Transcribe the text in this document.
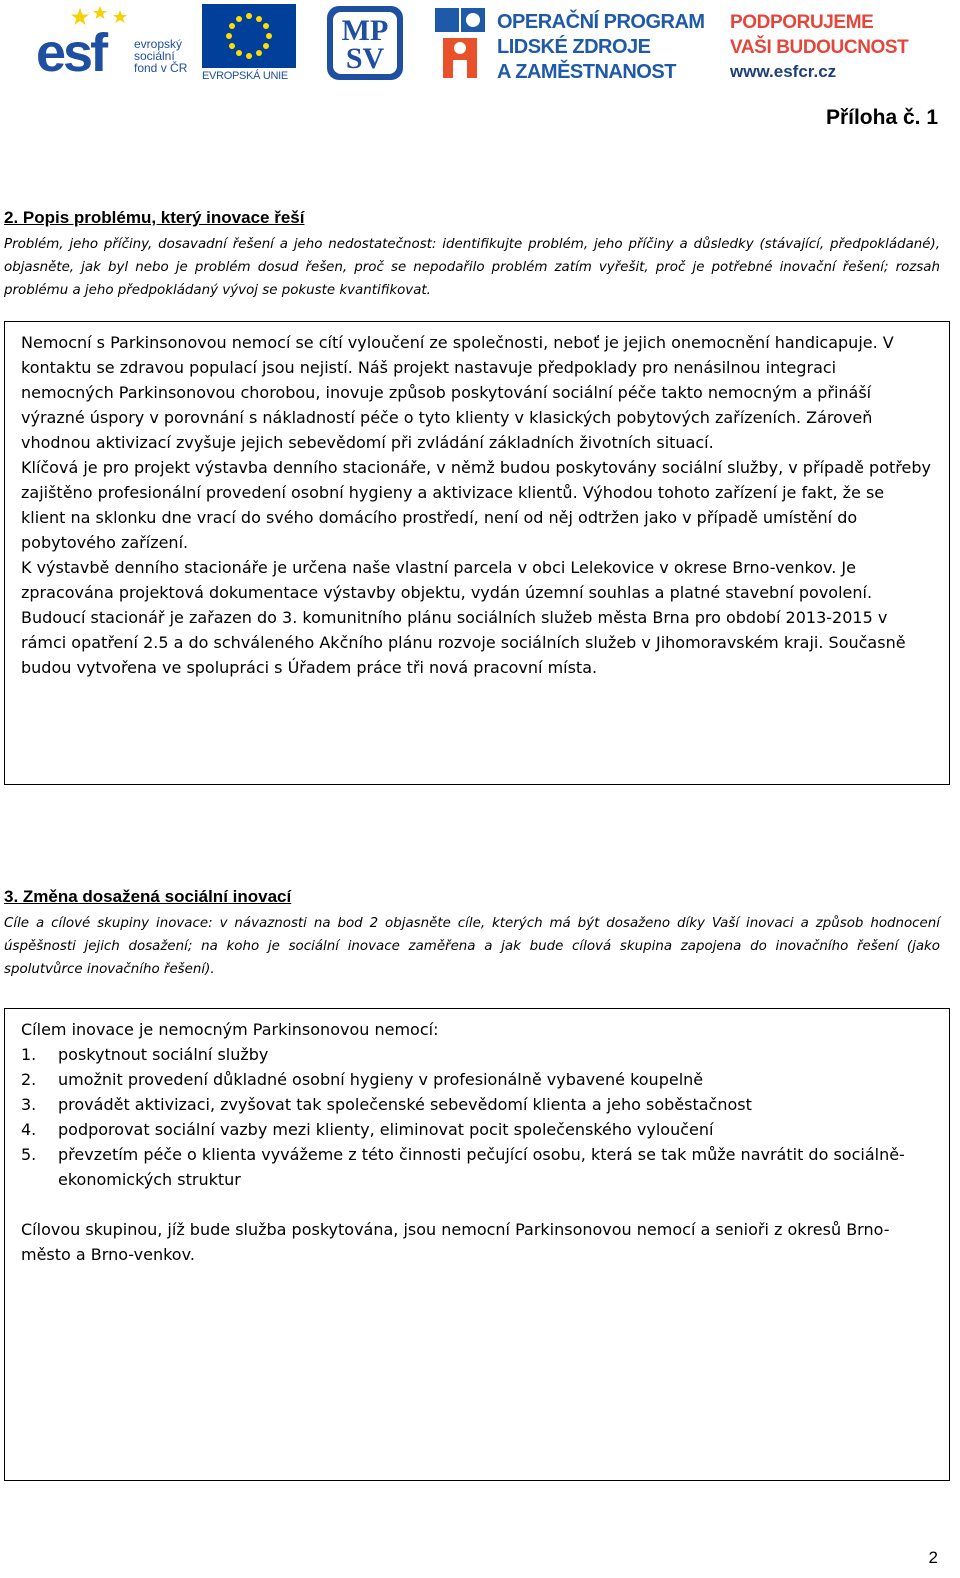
esf evropský
sociální
fond v ČR
EVROPSKÁ UNIE
MP
SV
OPERAČNÍ PROGRAM
LIDSKÉ ZDROJE
A ZAMĚSTNANOST
PODPORUJEME
VAŠI BUDOUCNOST
www.esfcr.cz
Příloha č. 1
2. Popis problému, který inovace řeší
Problém, jeho příčiny, dosavadní řešení a jeho nedostatečnost: identifikujte problém, jeho příčiny a důsledky (stávající, předpokládané), objasněte, jak byl nebo je problém dosud řešen, proč se nepodařilo problém zatím vyřešit, proč je potřebné inovační řešení; rozsah problému a jeho předpokládaný vývoj se pokuste kvantifikovat.

Nemocní s Parkinsonovou nemocí se cítí vyloučení ze společnosti, neboť je jejich onemocnění handicapuje. V kontaktu se zdravou populací jsou nejistí. Náš projekt nastavuje předpoklady pro nenásilnou integraci nemocných Parkinsonovou chorobou, inovuje způsob poskytování sociální péče takto nemocným a přináší výrazné úspory v porovnání s nákladností péče o tyto klienty v klasických pobytových zařízeních. Zároveň vhodnou aktivizací zvyšuje jejich sebevědomí při zvládání základních životních situací.

Klíčová je pro projekt výstavba denního stacionáře, v němž budou poskytovány sociální služby, v případě potřeby zajištěno profesionální provedení osobní hygieny a aktivizace klientů. Výhodou tohoto zařízení je fakt, že se klient na sklonku dne vrací do svého domácího prostředí, není od něj odtržen jako v případě umístění do pobytového zařízení.

K výstavbě denního stacionáře je určena naše vlastní parcela v obci Lelekovice v okrese Brno-venkov. Je zpracována projektová dokumentace výstavby objektu, vydán územní souhlas a platné stavební povolení. Budoucí stacionář je zařazen do 3. komunitního plánu sociálních služeb města Brna pro období 2013-2015 v rámci opatření 2.5 a do schváleného Akčního plánu rozvoje sociálních služeb v Jihomoravském kraji. Současně budou vytvořena ve spolupráci s Úřadem práce tři nová pracovní místa.

3. Změna dosažená sociální inovací
Cíle a cílové skupiny inovace: v návaznosti na bod 2 objasněte cíle, kterých má být dosaženo díky Vaší inovaci a způsob hodnocení úspěšnosti jejich dosažení; na koho je sociální inovace zaměřena a jak bude cílová skupina zapojena do inovačního řešení (jako spolutvůrce inovačního řešení).

Cílem inovace je nemocným Parkinsonovou nemocí:

1.	poskytnout sociální služby
2.	umožnit provedení důkladné osobní hygieny v profesionálně vybavené koupelně
3.	provádět aktivizaci, zvyšovat tak společenské sebevědomí klienta a jeho soběstačnost
4.	podporovat sociální vazby mezi klienty, eliminovat pocit společenského vyloučení
5.	převzetím péče o klienta vyvážeme z této činnosti pečující osobu, která se tak může navrátit do sociálně-ekonomických struktur

Cílovou skupinou, jíž bude služba poskytována, jsou nemocní Parkinsonovou nemocí a senioři z okresů Brno-město a Brno-venkov.

2
